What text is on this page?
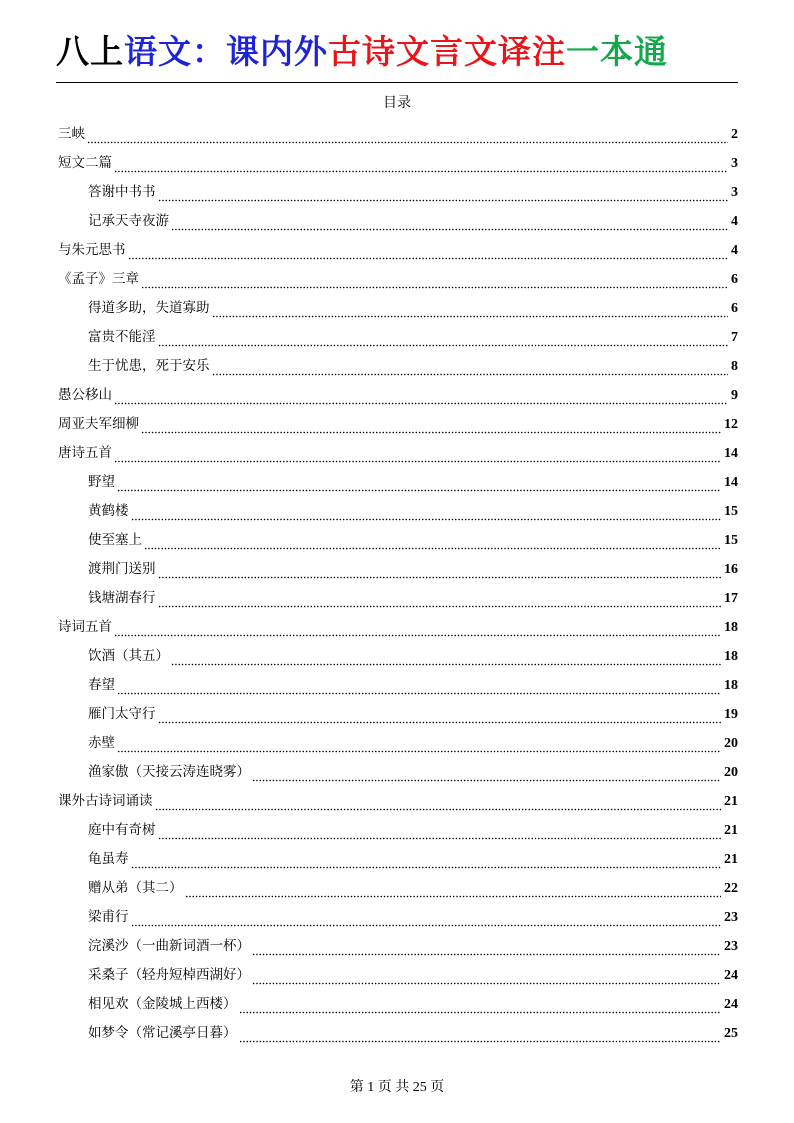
八上语文：课内外古诗文言文译注一本通
目录
三峡	2
短文二篇	3
答谢中书书	3
记承天寺夜游	4
与朱元思书	4
《孟子》三章	6
得道多助，失道寡助	6
富贵不能淫	7
生于忧患，死于安乐	8
愚公移山	9
周亚夫军细柳	12
唐诗五首	14
野望	14
黄鹤楼	15
使至塞上	15
渡荆门送别	16
钱塘湖春行	17
诗词五首	18
饮酒（其五）	18
春望	18
雁门太守行	19
赤壁	20
渔家傲（天接云涛连晓雾）	20
课外古诗词诵读	21
庭中有奇树	21
龟虽寿	21
赠从弟（其二）	22
梁甫行	23
浣溪沙（一曲新词酒一杯）	23
采桑子（轻舟短棹西湖好）	24
相见欢（金陵城上西楼）	24
如梦令（常记溪亭日暮）	25
第 1 页 共 25 页
